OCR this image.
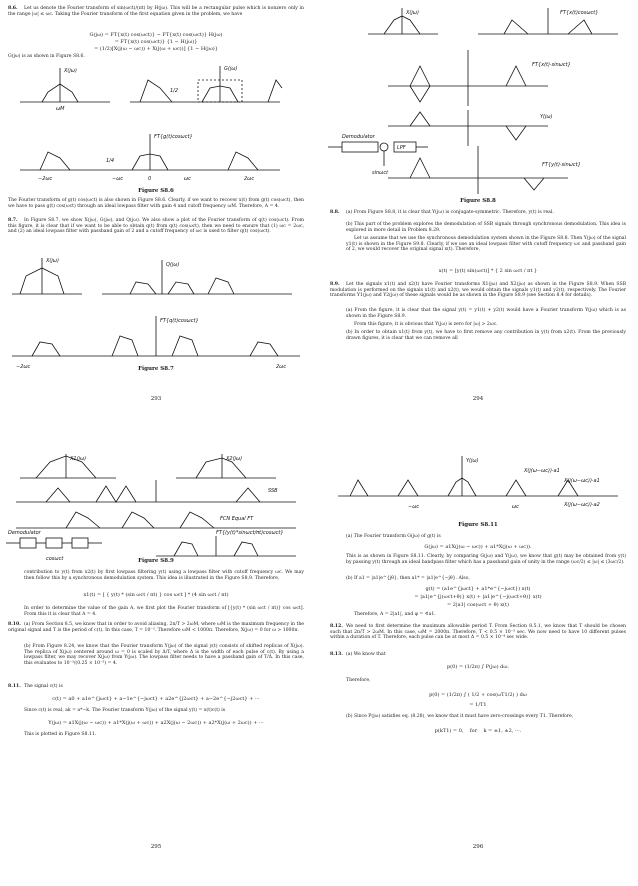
8.6. Let us denote the Fourier transform of sin(ωct)/(πt) by H(jω). This will be a rectangular pulse which is nonzero only in the range |ω| ≤ ωc. Taking the Fourier transform of the first equation given in the problem, we have
G(jω) = FT{x(t) cos(ωct)} − FT{x(t) cos(ωct)} H(jω)
= FT{x(t) cos(ωct)} {1 − H(jω)}
= (1/2)[X(j(ω − ωc)) + X(j(ω + ωc))] {1 − H(jω)}
G(jω) is as shown in Figure S8.6.
X(jω)	G(jω)
FT{g(t)cosωct}
1/2
1/4
−2ωc	−ωc	0	ωc	2ωc
ωM
Figure S8.6
The Fourier transform of g(t) cos(ωct) is also shown in Figure S8.6. Clearly, if we want to recover x(t) from g(t) cos(ωct), then we have to pass g(t) cos(ωct) through an ideal lowpass filter with gain 4 and cutoff frequency ωM. Therefore, A = 4.
8.7. In Figure S8.7, we show X(jω), G(jω), and Q(jω). We also show a plot of the Fourier transform of q(t) cos(ωct). From this figure, it is clear that if we want to be able to obtain q(t) from q(t) cos(ωct), then we need to ensure that (1) ωc = 2ωc, and (2) an ideal lowpass filter with passband gain of 2 and a cutoff frequency of ωc is used to filter q(t) cos(ωct).
X(jω)
Q(jω)
FT{q(t)cosωct}
−2ωc	2ωc
Figure S8.7
293
X(jω)	FT{x(t)cosωct}
FT{x(t)·sinωct}
Y(jω)
FT{y(t)·sinωct}
Demodulator
LPF
sinωct
Figure S8.8
8.8. (a) From Figure S8.8, it is clear that Y(jω) is conjugate-symmetric. Therefore, y(t) is real.
(b) This part of the problem explores the demodulation of SSB signals through synchronous demodulation. This idea is explored in more detail in Problem 8.29.
Let us assume that we use the synchronous demodulation system shown in the Figure S8.8. Then Y(jω) of the signal y1(t) is shown in the Figure S9.8. Clearly, if we use an ideal lowpass filter with cutoff frequency ωc and passband gain of 2, we would recover the original signal x(t). Therefore,
x(t) = [y(t) sin(ωct)] * { 2 sin ωct / πt }
8.9. Let the signals x1(t) and x2(t) have Fourier transforms X1(jω) and X2(jω) as shown in the Figure S8.9. When SSB modulation is performed on the signals x1(t) and x2(t), we would obtain the signals y1(t) and y2(t), respectively. The Fourier transforms Y1(jω) and Y2(jω) of these signals would be as shown in the Figure S8.9 (see Section 8.4 for details).
(a) From the figure, it is clear that the signal y(t) = y1(t) + y2(t) would have a Fourier transform Y(jω) which is as shown in the Figure S8.9.
From this figure, it is obvious that Y(jω) is zero for |ω| > 2ωc.
(b) In order to obtain x1(t) from y(t), we have to first remove any contribution in y(t) from x2(t). From the previously drawn figures, it is clear that we can remove all
294
X1(jω)	X2(jω)
SSB
FCN Equal FT
Demodulator
cosωct
FT{(y(t)*sinωct/πt)cosωct}
Figure S8.9
contribution to y(t) from x2(t) by first lowpass filtering y(t) using a lowpass filter with cutoff frequency ωc. We may then follow this by a synchronous demodulation system. This idea is illustrated in the Figure S8.9. Therefore,
x1(t) = [ { y(t) * (sin ωct / πt) } cos ωct ] * (4 sin ωct / πt)
In order to determine the value of the gain A, we first plot the Fourier transform of [{y(t) * (sin ωct / πt)} cos ωct]. From this it is clear that A = 4.
8.10. (a) From Section 8.5, we know that in order to avoid aliasing, 2π/T > 2ωM, where ωM is the maximum frequency in the original signal and T is the period of c(t). In this case, T = 10⁻³. Therefore ωM < 1000π. Therefore, X(jω) = 0 for ω > 1000π.
(b) From Figure 8.24, we know that the Fourier transform Y(jω) of the signal y(t) consists of shifted replicas of X(jω). The replica of X(jω) centered around ω = 0 is scaled by Δ/T, where Δ is the width of each pulse of c(t). By using a lowpass filter, we may recover X(jω) from Y(jω). The lowpass filter needs to have a passband gain of T/Δ. In this case, this evaluates to 10⁻³/(0.25 × 10⁻³) = 4.
8.11. The signal c(t) is
c(t) = a0 + a1e^{jωct} + a−1e^{−jωct} + a2e^{j2ωct} + a−2e^{−j2ωct} + ···
Since c(t) is real, ak = a*−k. The Fourier transform Y(jω) of the signal y(t) = x(t)c(t) is
Y(jω) = a1X(j(ω − ωc)) + a1*X(j(ω + ωc)) + a2X(j(ω − 2ωc)) + a2*X(j(ω + 2ωc)) + ···
This is plotted in Figure S8.11.
295
Y(jω)
X(j(ω−ωc))·a1
X(j(ω−ωc))·a1
X(j(ω−ωc))·a2
−ωc	ωc
Figure S8.11
(a) The Fourier transform G(jω) of g(t) is
G(jω) = a1X(j(ω − ωc)) + a1*X(j(ω + ωc)).
This is as shown in Figure S8.11. Clearly, by comparing G(jω) and Y(jω), we know that g(t) may be obtained from y(t) by passing y(t) through an ideal bandpass filter which has a passband gain of unity in the range (ωc/2) ≤ |ω| ≤ (3ωc/2).
(b) If a1 = |a1|e^{jθ}, then a1* = |a1|e^{−jθ}. Also,
g(t) = (a1e^{jωct} + a1*e^{−jωct}) x(t)
= |a1|e^{j(ωct+θ)} x(t) + |a1|e^{−j(ωct+θ)} x(t)
= 2|a1| cos(ωct + θ) x(t)
Therefore, A = 2|a1|, and φ = ∢a1.
8.12. We need to first determine the maximum allowable period T. From Section 8.5.1, we know that T should be chosen such that 2π/T > 2ωM. In this case, ωM = 2000π. Therefore, T < 0.5 × 10⁻³ sec. We now need to have 10 different pulses within a duration of T. Therefore, each pulse can be at most Δ = 0.5 × 10⁻⁴ sec wide.
8.13. (a) We know that
p(0) = (1/2π) ∫ P(jω) dω.
Therefore,
p(0) = (1/2π) ∫ ( 1/2 + cos(ωT1/2) ) dω
= 1/T1
(b) Since P(jω) satisfies eq. (8.28), we know that it must have zero-crossings every T1. Therefore,
p(kT1) = 0,    for    k = ±1, ±2, ···.
296
